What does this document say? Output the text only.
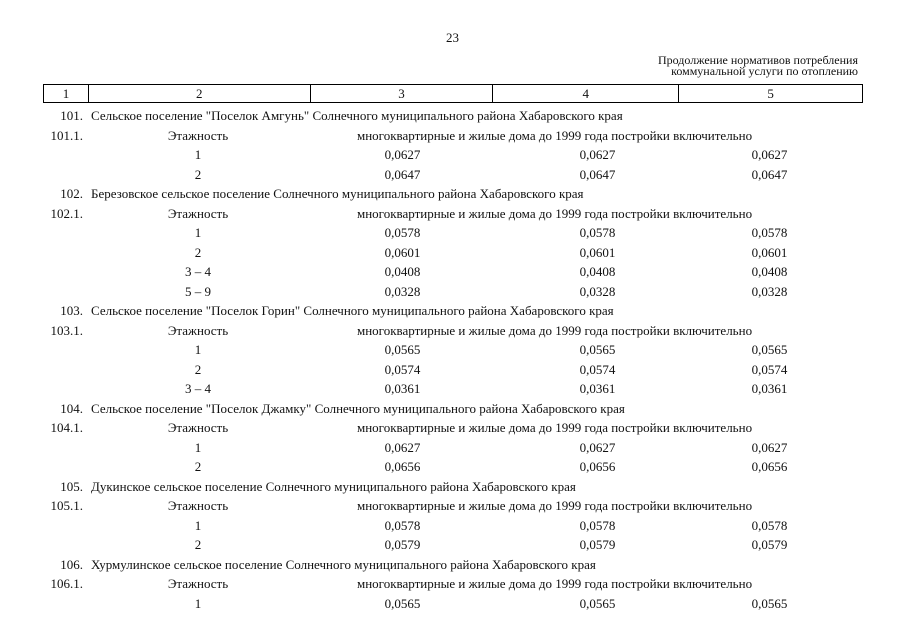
23
Продолжение нормативов потребления
коммунальной услуги по отоплению
1	2	3	4	5
101. Сельское поселение "Поселок Амгунь" Солнечного муниципального района Хабаровского края
101.1.	Этажность	многоквартирные и жилые дома до 1999 года постройки включительно
1	0,0627	0,0627	0,0627
2	0,0647	0,0647	0,0647
102. Березовское сельское поселение Солнечного муниципального района Хабаровского края
102.1.	Этажность	многоквартирные и жилые дома до 1999 года постройки включительно
1	0,0578	0,0578	0,0578
2	0,0601	0,0601	0,0601
3 – 4	0,0408	0,0408	0,0408
5 – 9	0,0328	0,0328	0,0328
103. Сельское поселение "Поселок Горин" Солнечного муниципального района Хабаровского края
103.1.	Этажность	многоквартирные и жилые дома до 1999 года постройки включительно
1	0,0565	0,0565	0,0565
2	0,0574	0,0574	0,0574
3 – 4	0,0361	0,0361	0,0361
104. Сельское поселение "Поселок Джамку" Солнечного муниципального района Хабаровского края
104.1.	Этажность	многоквартирные и жилые дома до 1999 года постройки включительно
1	0,0627	0,0627	0,0627
2	0,0656	0,0656	0,0656
105. Дукинское сельское поселение Солнечного муниципального района Хабаровского края
105.1.	Этажность	многоквартирные и жилые дома до 1999 года постройки включительно
1	0,0578	0,0578	0,0578
2	0,0579	0,0579	0,0579
106. Хурмулинское сельское поселение Солнечного муниципального района Хабаровского края
106.1.	Этажность	многоквартирные и жилые дома до 1999 года постройки включительно
1	0,0565	0,0565	0,0565
